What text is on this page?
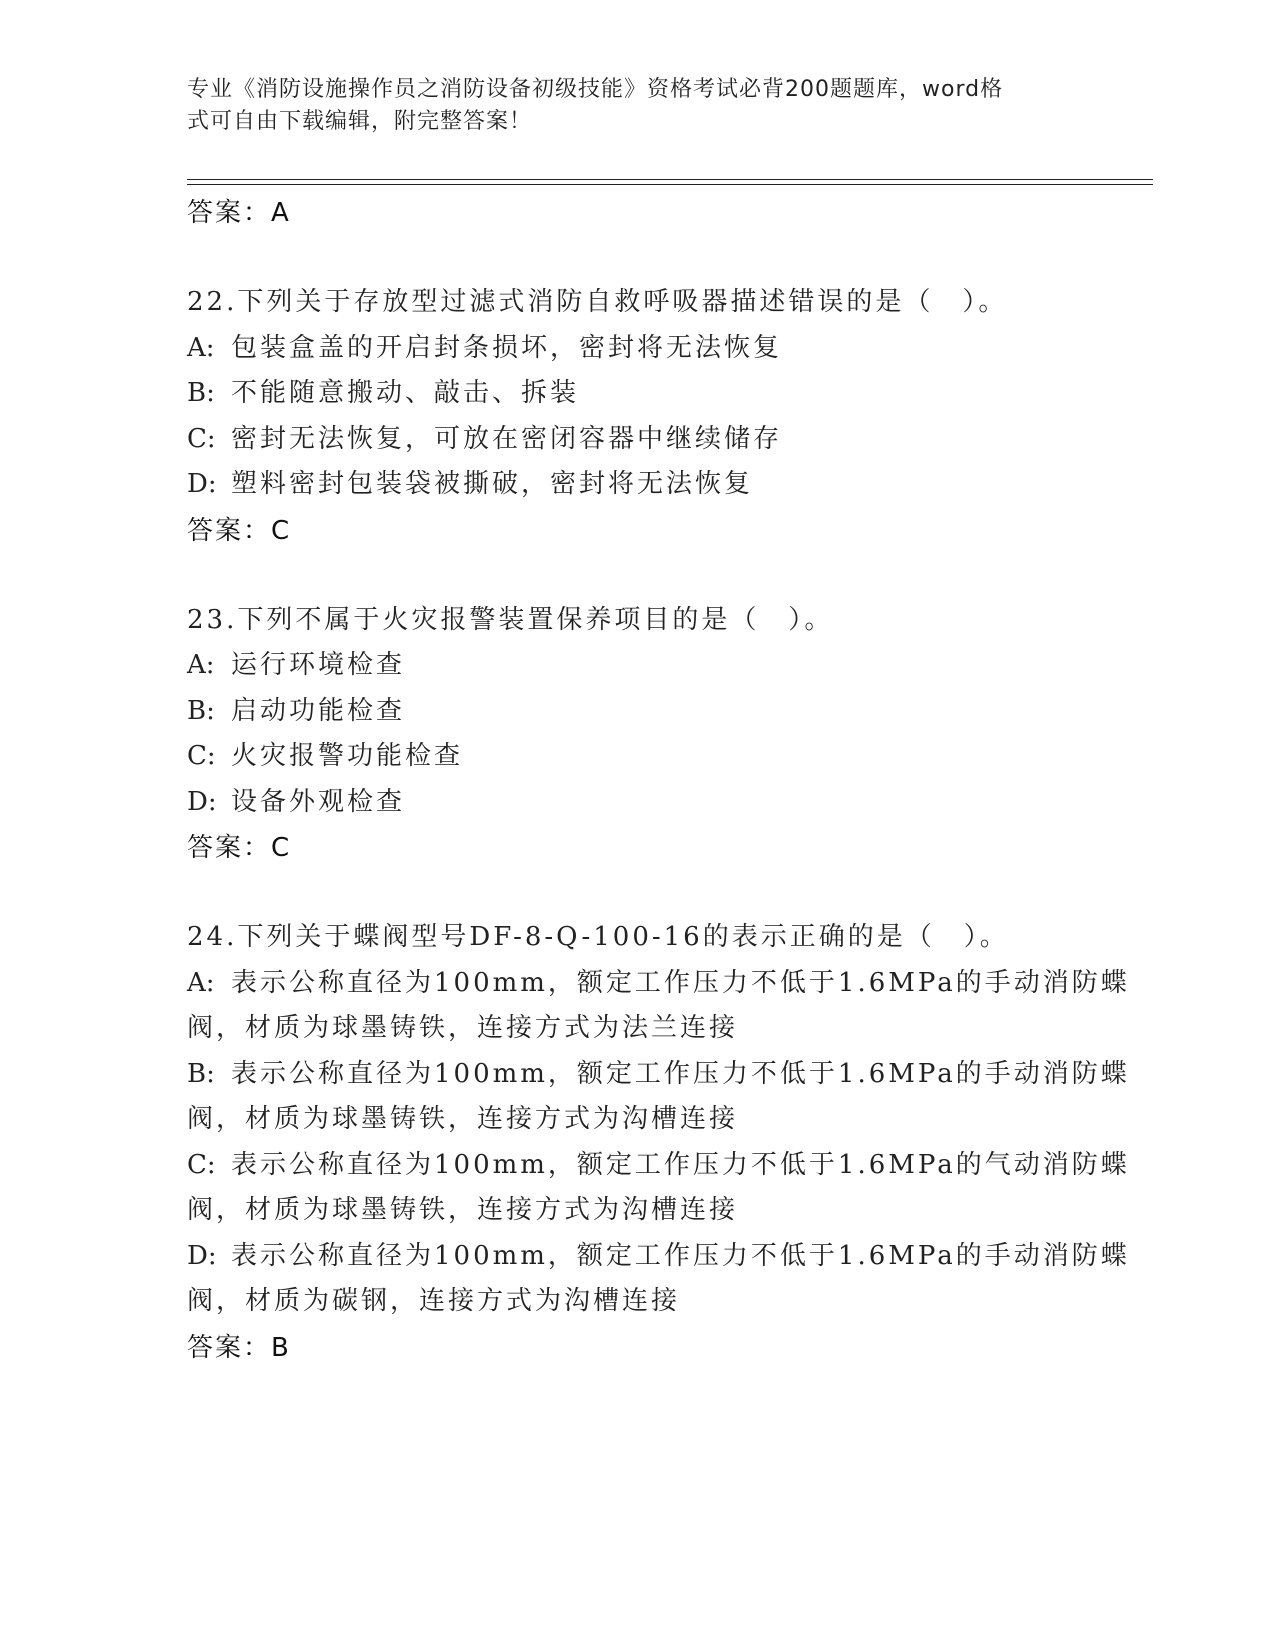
专业《消防设施操作员之消防设备初级技能》资格考试必背200题题库，word格
式可自由下载编辑，附完整答案！
答案：A
22.下列关于存放型过滤式消防自救呼吸器描述错误的是（　）。
A: 包装盒盖的开启封条损坏，密封将无法恢复
B: 不能随意搬动、敲击、拆装
C: 密封无法恢复，可放在密闭容器中继续储存
D: 塑料密封包装袋被撕破，密封将无法恢复
答案：C
23.下列不属于火灾报警装置保养项目的是（　）。
A: 运行环境检查
B: 启动功能检查
C: 火灾报警功能检查
D: 设备外观检查
答案：C
24.下列关于蝶阀型号DF-8-Q-100-16的表示正确的是（　）。
A: 表示公称直径为100mm，额定工作压力不低于1.6MPa的手动消防蝶
阀，材质为球墨铸铁，连接方式为法兰连接
B: 表示公称直径为100mm，额定工作压力不低于1.6MPa的手动消防蝶
阀，材质为球墨铸铁，连接方式为沟槽连接
C: 表示公称直径为100mm，额定工作压力不低于1.6MPa的气动消防蝶
阀，材质为球墨铸铁，连接方式为沟槽连接
D: 表示公称直径为100mm，额定工作压力不低于1.6MPa的手动消防蝶
阀，材质为碳钢，连接方式为沟槽连接
答案：B
